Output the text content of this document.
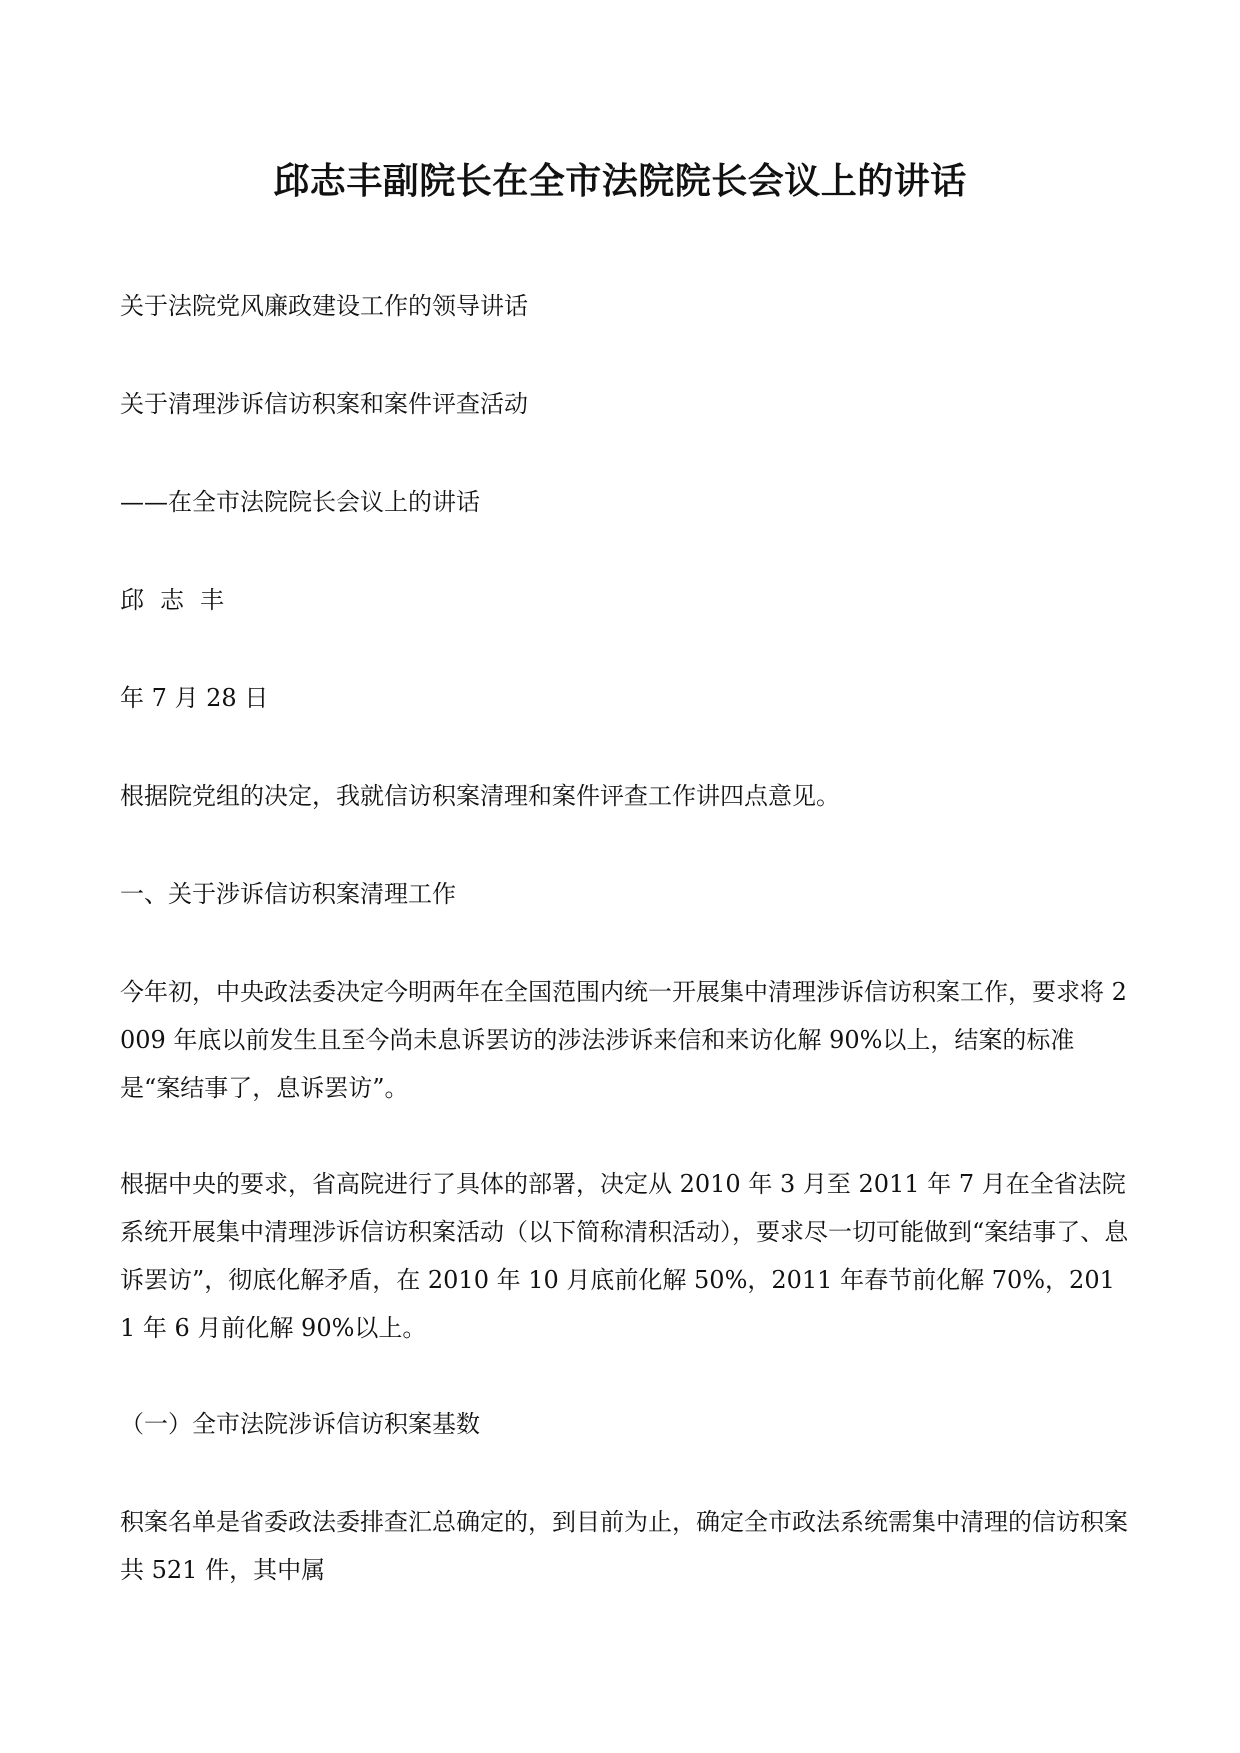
邱志丰副院长在全市法院院长会议上的讲话
关于法院党风廉政建设工作的领导讲话
关于清理涉诉信访积案和案件评查活动
——在全市法院院长会议上的讲话
邱志丰
年 7 月 28 日
根据院党组的决定，我就信访积案清理和案件评查工作讲四点意见。
一、关于涉诉信访积案清理工作
今年初，中央政法委决定今明两年在全国范围内统一开展集中清理涉诉信访积案工作，要求将 2009 年底以前发生且至今尚未息诉罢访的涉法涉诉来信和来访化解 90%以上，结案的标准是“案结事了，息诉罢访”。
根据中央的要求，省高院进行了具体的部署，决定从 2010 年 3 月至 2011 年 7 月在全省法院系统开展集中清理涉诉信访积案活动（以下简称清积活动），要求尽一切可能做到“案结事了、息诉罢访”，彻底化解矛盾，在 2010 年 10 月底前化解 50%，2011 年春节前化解 70%，2011 年 6 月前化解 90%以上。
（一）全市法院涉诉信访积案基数
积案名单是省委政法委排查汇总确定的，到目前为止，确定全市政法系统需集中清理的信访积案共 521 件，其中属
